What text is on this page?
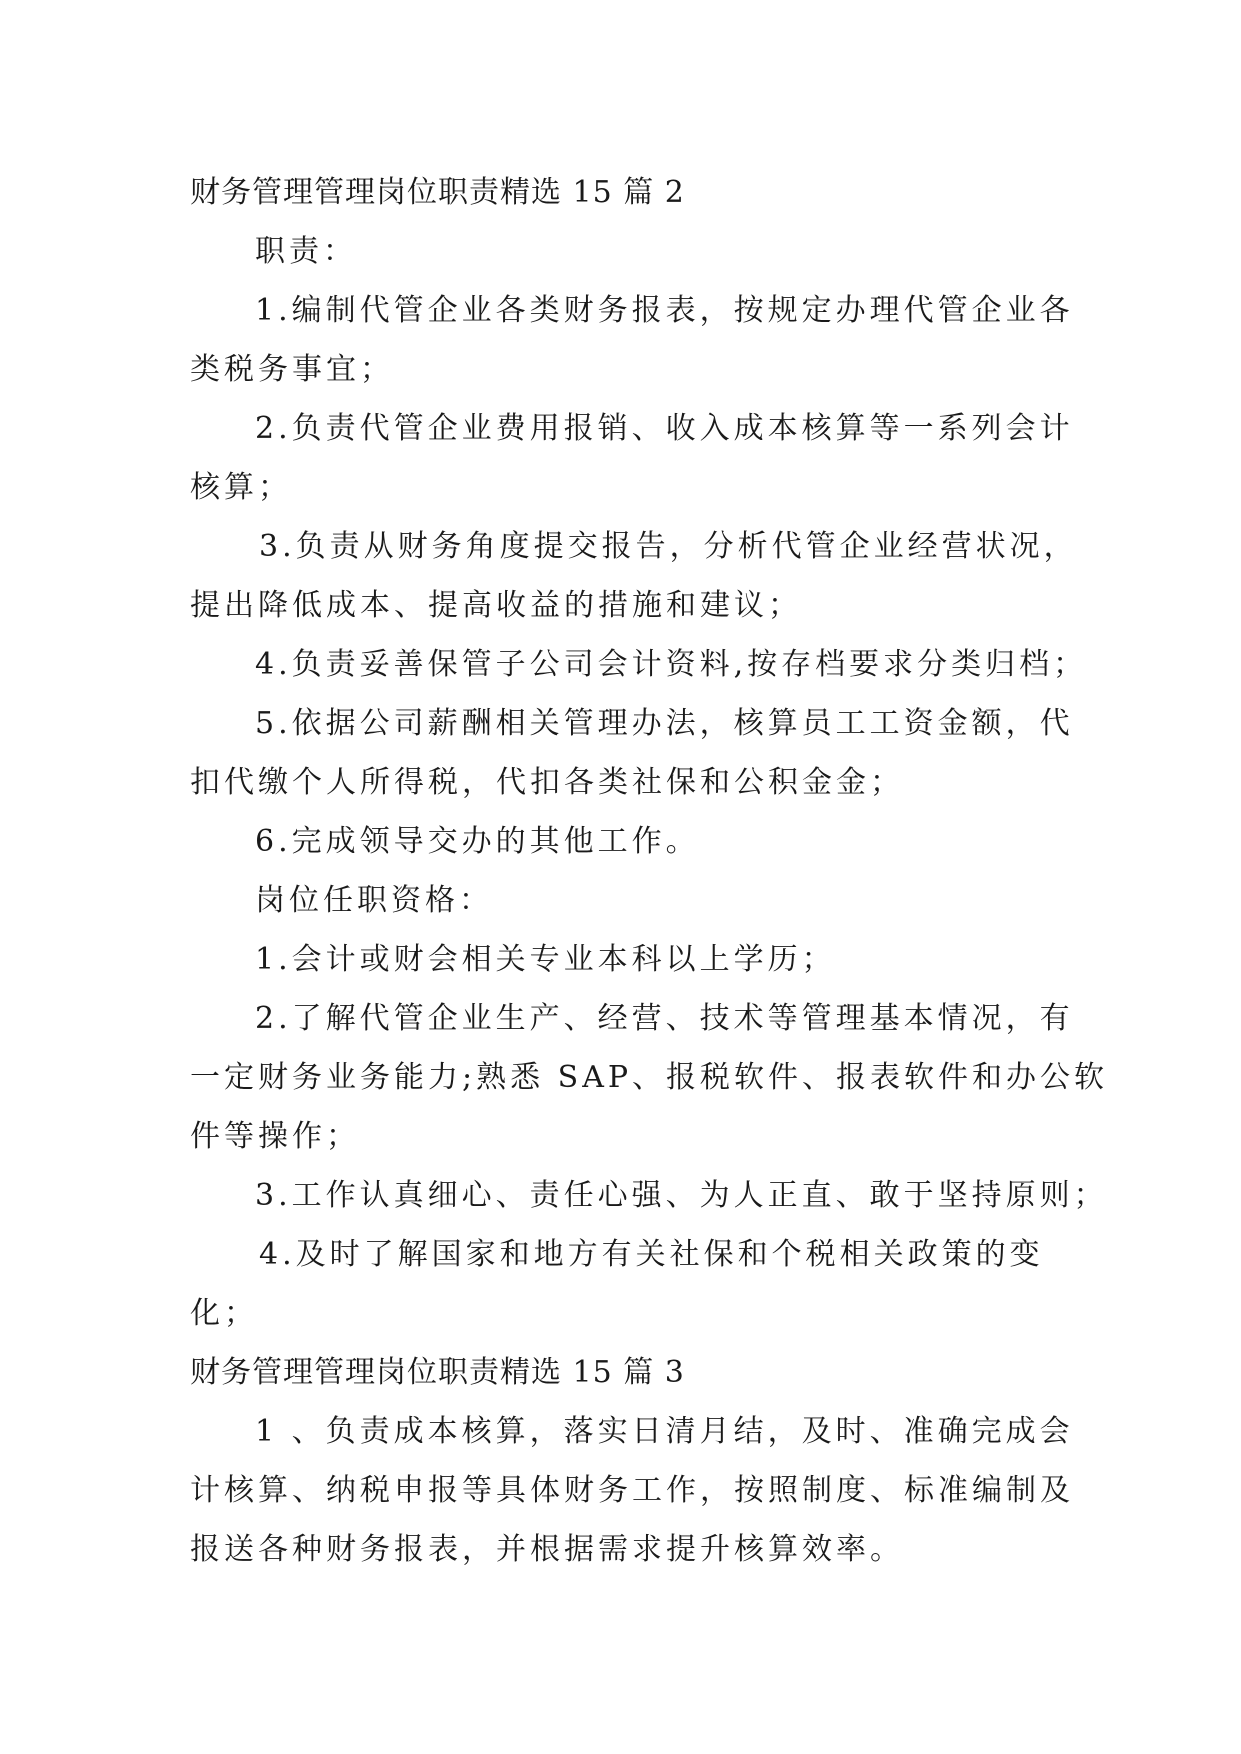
财务管理管理岗位职责精选 15 篇 2

职责：

1.编制代管企业各类财务报表，按规定办理代管企业各

类税务事宜；

2.负责代管企业费用报销、收入成本核算等一系列会计

核算；

3.负责从财务角度提交报告，分析代管企业经营状况，

提出降低成本、提高收益的措施和建议；

4.负责妥善保管子公司会计资料,按存档要求分类归档；

5.依据公司薪酬相关管理办法，核算员工工资金额，代

扣代缴个人所得税，代扣各类社保和公积金金；

6.完成领导交办的其他工作。

岗位任职资格：

1.会计或财会相关专业本科以上学历；

2.了解代管企业生产、经营、技术等管理基本情况，有

一定财务业务能力;熟悉 SAP、报税软件、报表软件和办公软

件等操作；

3.工作认真细心、责任心强、为人正直、敢于坚持原则；

4.及时了解国家和地方有关社保和个税相关政策的变

化；

财务管理管理岗位职责精选 15 篇 3

1 、负责成本核算，落实日清月结，及时、准确完成会

计核算、纳税申报等具体财务工作，按照制度、标准编制及

报送各种财务报表，并根据需求提升核算效率。
